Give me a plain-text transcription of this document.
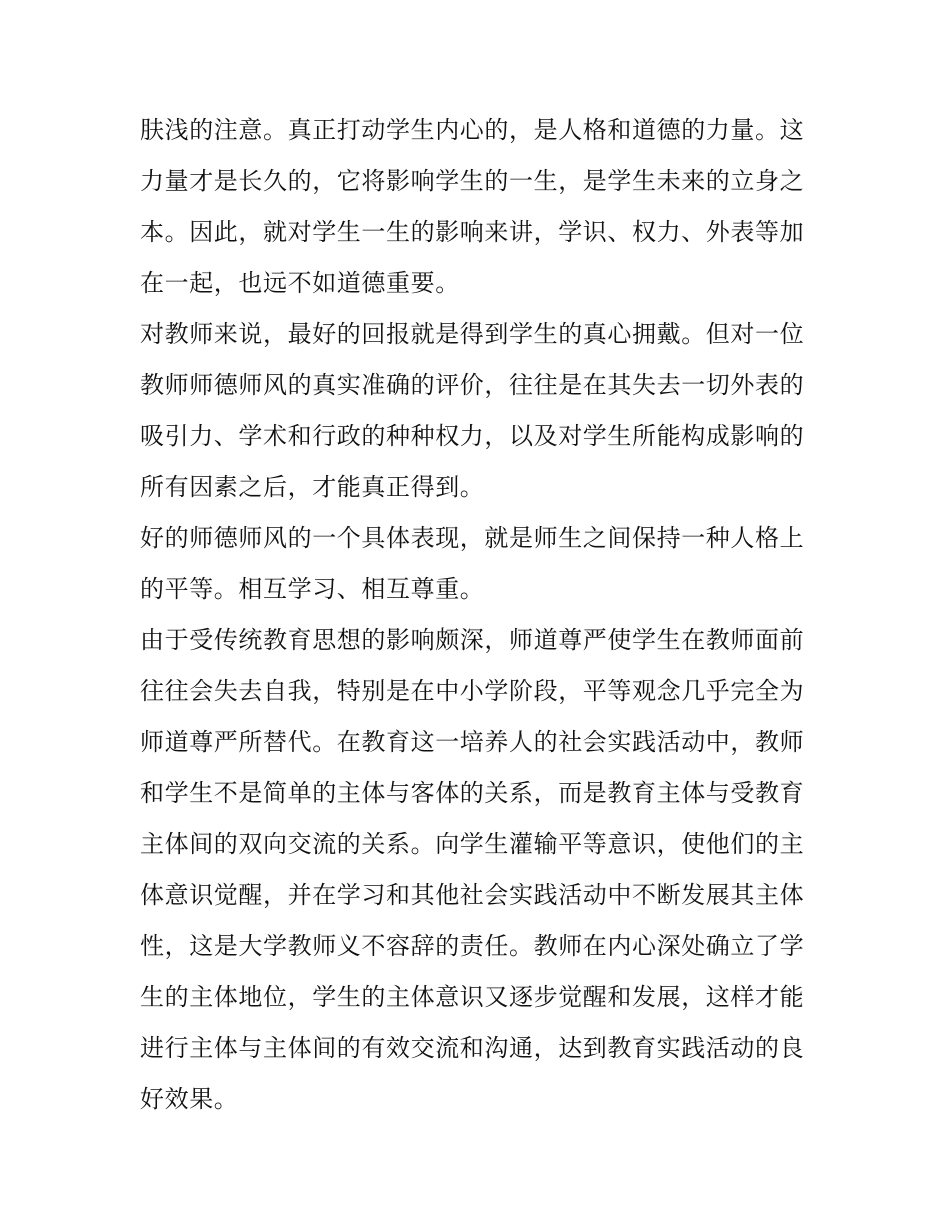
肤浅的注意。真正打动学生内心的，是人格和道德的力量。这
力量才是长久的，它将影响学生的一生，是学生未来的立身之
本。因此，就对学生一生的影响来讲，学识、权力、外表等加
在一起，也远不如道德重要。
对教师来说，最好的回报就是得到学生的真心拥戴。但对一位
教师师德师风的真实准确的评价，往往是在其失去一切外表的
吸引力、学术和行政的种种权力，以及对学生所能构成影响的
所有因素之后，才能真正得到。
好的师德师风的一个具体表现，就是师生之间保持一种人格上
的平等。相互学习、相互尊重。
由于受传统教育思想的影响颇深，师道尊严使学生在教师面前
往往会失去自我，特别是在中小学阶段，平等观念几乎完全为
师道尊严所替代。在教育这一培养人的社会实践活动中，教师
和学生不是简单的主体与客体的关系，而是教育主体与受教育
主体间的双向交流的关系。向学生灌输平等意识，使他们的主
体意识觉醒，并在学习和其他社会实践活动中不断发展其主体
性，这是大学教师义不容辞的责任。教师在内心深处确立了学
生的主体地位，学生的主体意识又逐步觉醒和发展，这样才能
进行主体与主体间的有效交流和沟通，达到教育实践活动的良
好效果。
